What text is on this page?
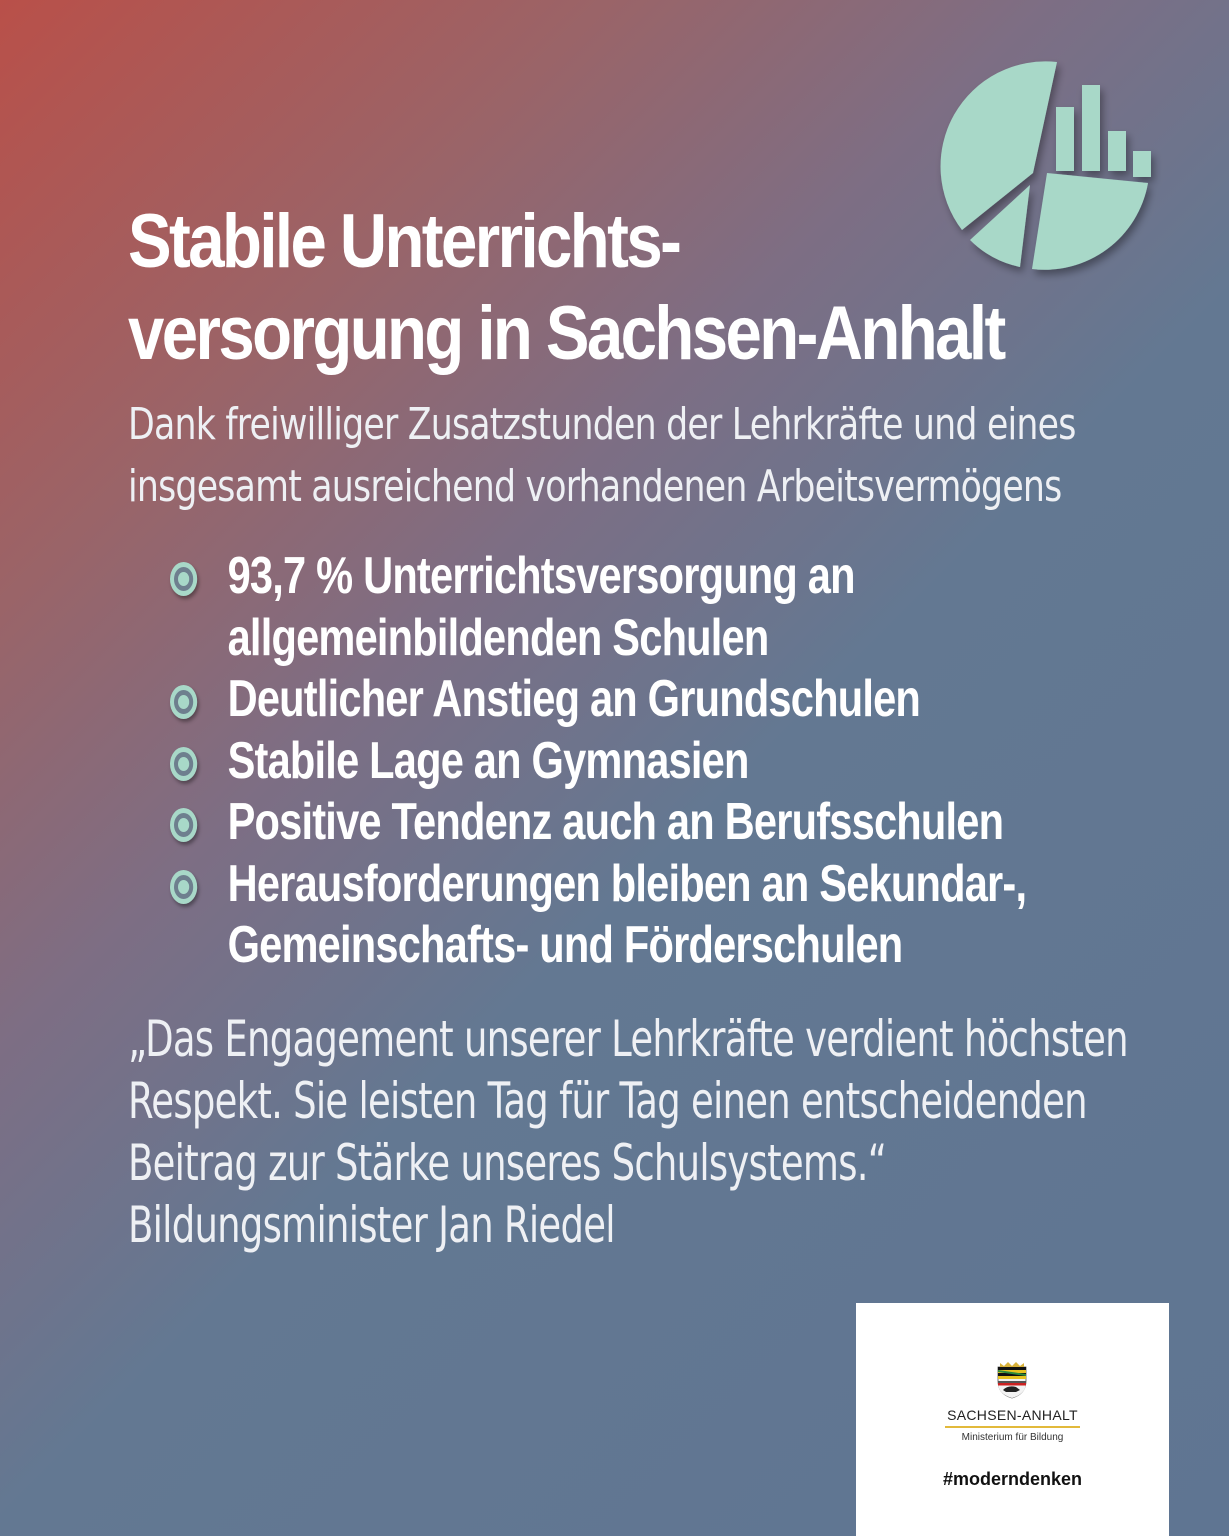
Stabile Unterrichts-
versorgung in Sachsen-Anhalt
Dank freiwilliger Zusatzstunden der Lehrkräfte und eines
insgesamt ausreichend vorhandenen Arbeitsvermögens
93,7 % Unterrichtsversorgung an
allgemeinbildenden Schulen
Deutlicher Anstieg an Grundschulen
Stabile Lage an Gymnasien
Positive Tendenz auch an Berufsschulen
Herausforderungen bleiben an Sekundar-,
Gemeinschafts- und Förderschulen
„Das Engagement unserer Lehrkräfte verdient höchsten
Respekt. Sie leisten Tag für Tag einen entscheidenden
Beitrag zur Stärke unseres Schulsystems.“
Bildungsminister Jan Riedel
SACHSEN-ANHALT
Ministerium für Bildung
#moderndenken
